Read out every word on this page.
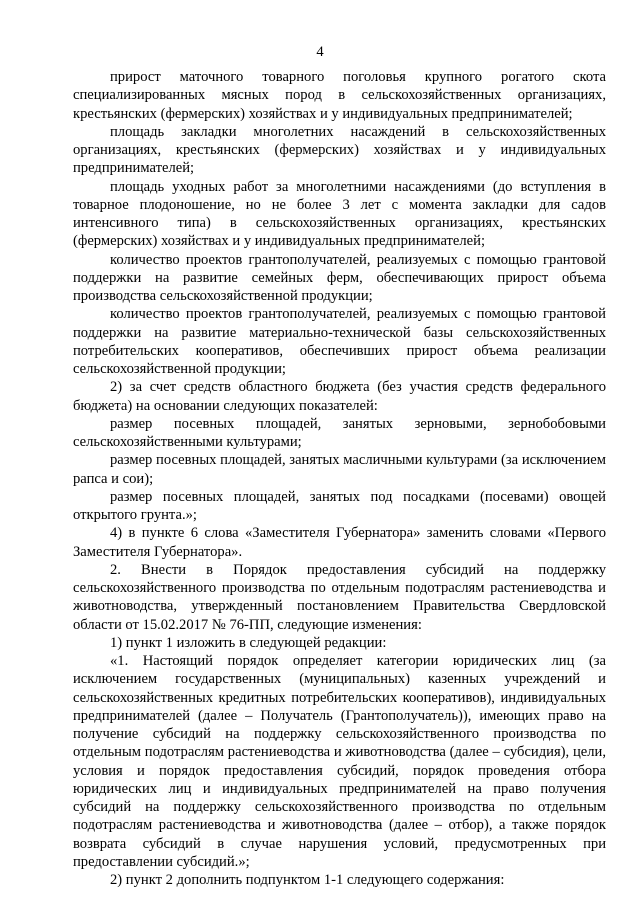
4

прирост маточного товарного поголовья крупного рогатого скота специализированных мясных пород в сельскохозяйственных организациях, крестьянских (фермерских) хозяйствах и у индивидуальных предпринимателей;

площадь закладки многолетних насаждений в сельскохозяйственных организациях, крестьянских (фермерских) хозяйствах и у индивидуальных предпринимателей;

площадь уходных работ за многолетними насаждениями (до вступления в товарное плодоношение, но не более 3 лет с момента закладки для садов интенсивного типа) в сельскохозяйственных организациях, крестьянских (фермерских) хозяйствах и у индивидуальных предпринимателей;

количество проектов грантополучателей, реализуемых с помощью грантовой поддержки на развитие семейных ферм, обеспечивающих прирост объема производства сельскохозяйственной продукции;

количество проектов грантополучателей, реализуемых с помощью грантовой поддержки на развитие материально-технической базы сельскохозяйственных потребительских кооперативов, обеспечивших прирост объема реализации сельскохозяйственной продукции;

2) за счет средств областного бюджета (без участия средств федерального бюджета) на основании следующих показателей:

размер посевных площадей, занятых зерновыми, зернобобовыми сельскохозяйственными культурами;

размер посевных площадей, занятых масличными культурами (за исключением рапса и сои);

размер посевных площадей, занятых под посадками (посевами) овощей открытого грунта.»;

4) в пункте 6 слова «Заместителя Губернатора» заменить словами «Первого Заместителя Губернатора».

2. Внести в Порядок предоставления субсидий на поддержку сельскохозяйственного производства по отдельным подотраслям растениеводства и животноводства, утвержденный постановлением Правительства Свердловской области от 15.02.2017 № 76-ПП, следующие изменения:

1) пункт 1 изложить в следующей редакции:

«1. Настоящий порядок определяет категории юридических лиц (за исключением государственных (муниципальных) казенных учреждений и сельскохозяйственных кредитных потребительских кооперативов), индивидуальных предпринимателей (далее – Получатель (Грантополучатель)), имеющих право на получение субсидий на поддержку сельскохозяйственного производства по отдельным подотраслям растениеводства и животноводства (далее – субсидия), цели, условия и порядок предоставления субсидий, порядок проведения отбора юридических лиц и индивидуальных предпринимателей на право получения субсидий на поддержку сельскохозяйственного производства по отдельным подотраслям растениеводства и животноводства (далее – отбор), а также порядок возврата субсидий в случае нарушения условий, предусмотренных при предоставлении субсидий.»;

2) пункт 2 дополнить подпунктом 1-1 следующего содержания:
